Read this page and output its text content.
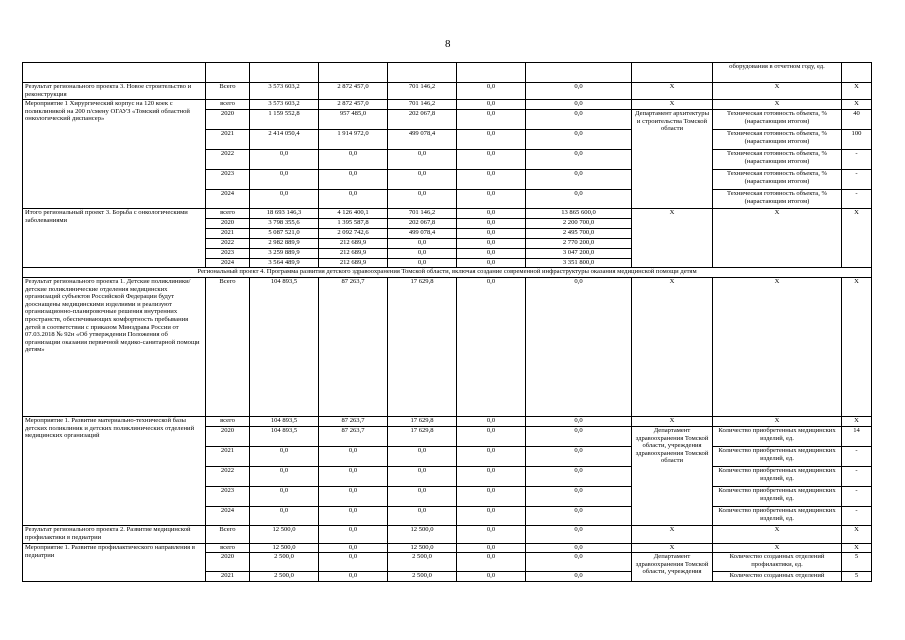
8
								оборудования в отчетном году, ед.	
Результат регионального проекта 3. Новое строительство и реконструкция	Всего	3 573 603,2	2 872 457,0	701 146,2	0,0	0,0	Х	Х	Х
Мероприятие 1 Хирургический корпус на 120 коек с поликлиникой на 200 п/смену ОГАУЗ «Томский областной онкологический диспансер»	всего	3 573 603,2	2 872 457,0	701 146,2	0,0	0,0	Х	Х	Х
	2020	1 159 552,8	957 485,0	202 067,8	0,0	0,0	Департамент архитектуры и строительства Томской области	Техническая готовность объекта, % (нарастающим итогом)	40
	2021	2 414 050,4	1 914 972,0	499 078,4	0,0	0,0		Техническая готовность объекта, % (нарастающим итогом)	100
	2022	0,0	0,0	0,0	0,0	0,0		Техническая готовность объекта, % (нарастающим итогом)	-
	2023	0,0	0,0	0,0	0,0	0,0		Техническая готовность объекта, % (нарастающим итогом)	-
	2024	0,0	0,0	0,0	0,0	0,0		Техническая готовность объекта, % (нарастающим итогом)	-
Итого региональный проект 3. Борьба с онкологическими заболеваниями	всего	18 693 146,3	4 126 400,1	701 146,2	0,0	13 865 600,0	Х	Х	Х
	2020	3 798 355,6	1 395 587,8	202 067,8	0,0	2 200 700,0			
	2021	5 087 521,0	2 092 742,6	499 078,4	0,0	2 495 700,0			
	2022	2 982 889,9	212 689,9	0,0	0,0	2 770 200,0			
	2023	3 259 889,9	212 689,9	0,0	0,0	3 047 200,0			
	2024	3 564 489,9	212 689,9	0,0	0,0	3 351 800,0			
Региональный проект 4. Программа развития детского здравоохранения Томской области, включая создание современной инфраструктуры оказания медицинской помощи детям									
Результат регионального проекта 1. Детские поликлиники/детские поликлинические отделения медицинских организаций субъектов Российской Федерации будут дооснащены медицинскими изделиями и реализуют организационно-планировочные решения внутренних пространств, обеспечивающих комфортность пребывания детей в соответствии с приказом Минздрава России от 07.03.2018 № 92н «Об утверждении Положения об организации оказания первичной медико-санитарной помощи детям»	Всего	104 893,5	87 263,7	17 629,8	0,0	0,0	Х	Х	Х
Мероприятие 1. Развитие материально-технической базы детских поликлиник и детских поликлинических отделений медицинских организаций	всего	104 893,5	87 263,7	17 629,8	0,0	0,0	Х	Х	Х
	2020	104 893,5	87 263,7	17 629,8	0,0	0,0	Департамент здравоохранения Томской области, учреждения здравоохранения Томской области	Количество приобретенных медицинских изделий, ед.	14
	2021	0,0	0,0	0,0	0,0	0,0		Количество приобретенных медицинских изделий, ед.	-
	2022	0,0	0,0	0,0	0,0	0,0		Количество приобретенных медицинских изделий, ед.	-
	2023	0,0	0,0	0,0	0,0	0,0		Количество приобретенных медицинских изделий, ед.	-
	2024	0,0	0,0	0,0	0,0	0,0		Количество приобретенных медицинских изделий, ед.	-
Результат регионального проекта 2. Развитие медицинской профилактики в педиатрии	Всего	12 500,0	0,0	12 500,0	0,0	0,0	Х	Х	Х
Мероприятие 1. Развитие профилактического направления в педиатрии	всего	12 500,0	0,0	12 500,0	0,0	0,0	Х	Х	Х
	2020	2 500,0	0,0	2 500,0	0,0	0,0	Департамент здравоохранения Томской области, учреждения	Количество созданных отделений профилактики, ед.	5
	2021	2 500,0	0,0	2 500,0	0,0	0,0		Количество созданных отделений	5
